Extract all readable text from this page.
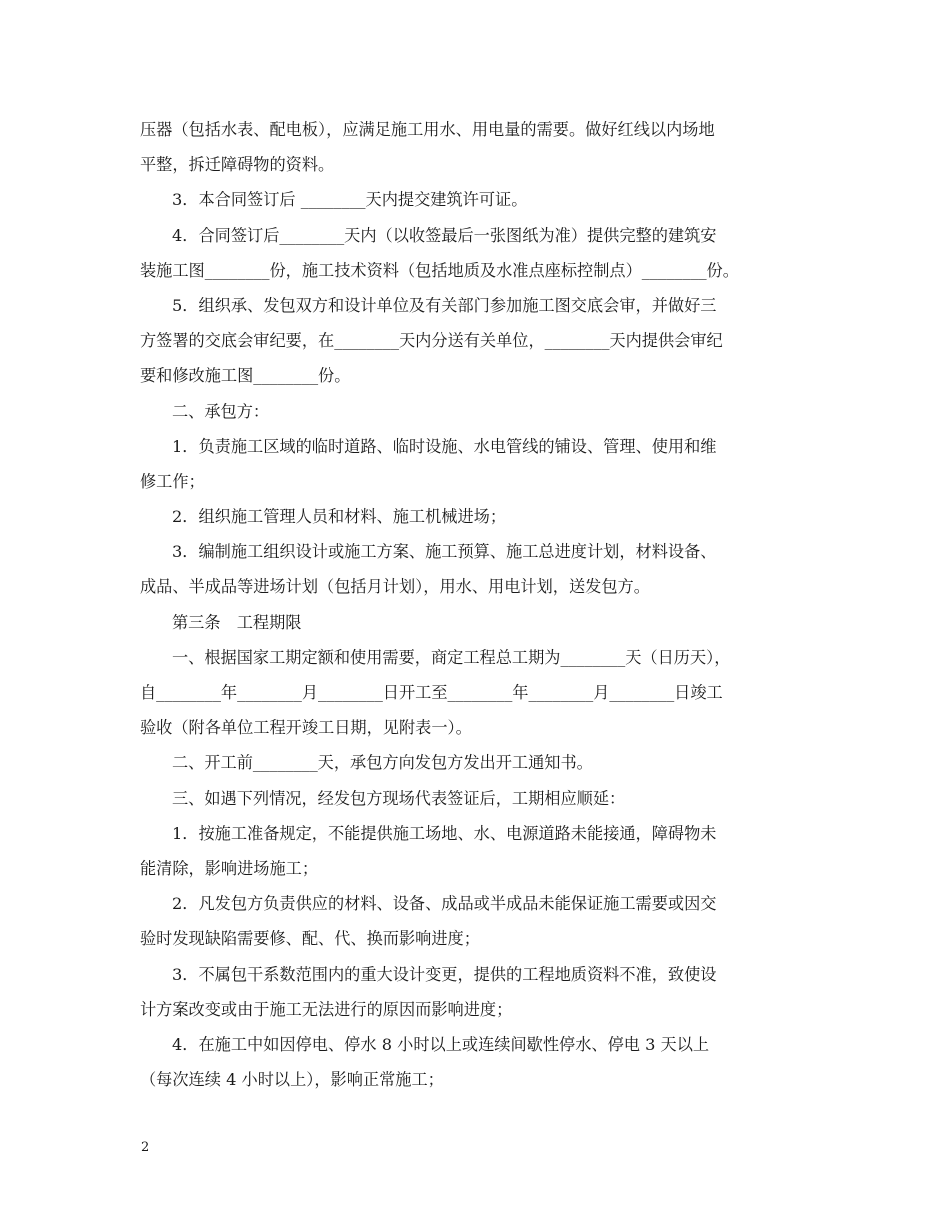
压器（包括水表、配电板），应满足施工用水、用电量的需要。做好红线以内场地
平整，拆迁障碍物的资料。
3．本合同签订后 ________天内提交建筑许可证。
4．合同签订后________天内（以收签最后一张图纸为准）提供完整的建筑安
装施工图________份，施工技术资料（包括地质及水准点座标控制点）________份。
5．组织承、发包双方和设计单位及有关部门参加施工图交底会审，并做好三
方签署的交底会审纪要，在________天内分送有关单位，________天内提供会审纪
要和修改施工图________份。
二、承包方：
1．负责施工区域的临时道路、临时设施、水电管线的铺设、管理、使用和维
修工作；
2．组织施工管理人员和材料、施工机械进场；
3．编制施工组织设计或施工方案、施工预算、施工总进度计划，材料设备、
成品、半成品等进场计划（包括月计划），用水、用电计划，送发包方。
第三条　工程期限
一、根据国家工期定额和使用需要，商定工程总工期为________天（日历天），
自________年________月________日开工至________年________月________日竣工
验收（附各单位工程开竣工日期，见附表一）。
二、开工前________天，承包方向发包方发出开工通知书。
三、如遇下列情况，经发包方现场代表签证后，工期相应顺延：
1．按施工准备规定，不能提供施工场地、水、电源道路未能接通，障碍物未
能清除，影响进场施工；
2．凡发包方负责供应的材料、设备、成品或半成品未能保证施工需要或因交
验时发现缺陷需要修、配、代、换而影响进度；
3．不属包干系数范围内的重大设计变更，提供的工程地质资料不准，致使设
计方案改变或由于施工无法进行的原因而影响进度；
4．在施工中如因停电、停水 8 小时以上或连续间歇性停水、停电 3 天以上
（每次连续 4 小时以上），影响正常施工；
2
